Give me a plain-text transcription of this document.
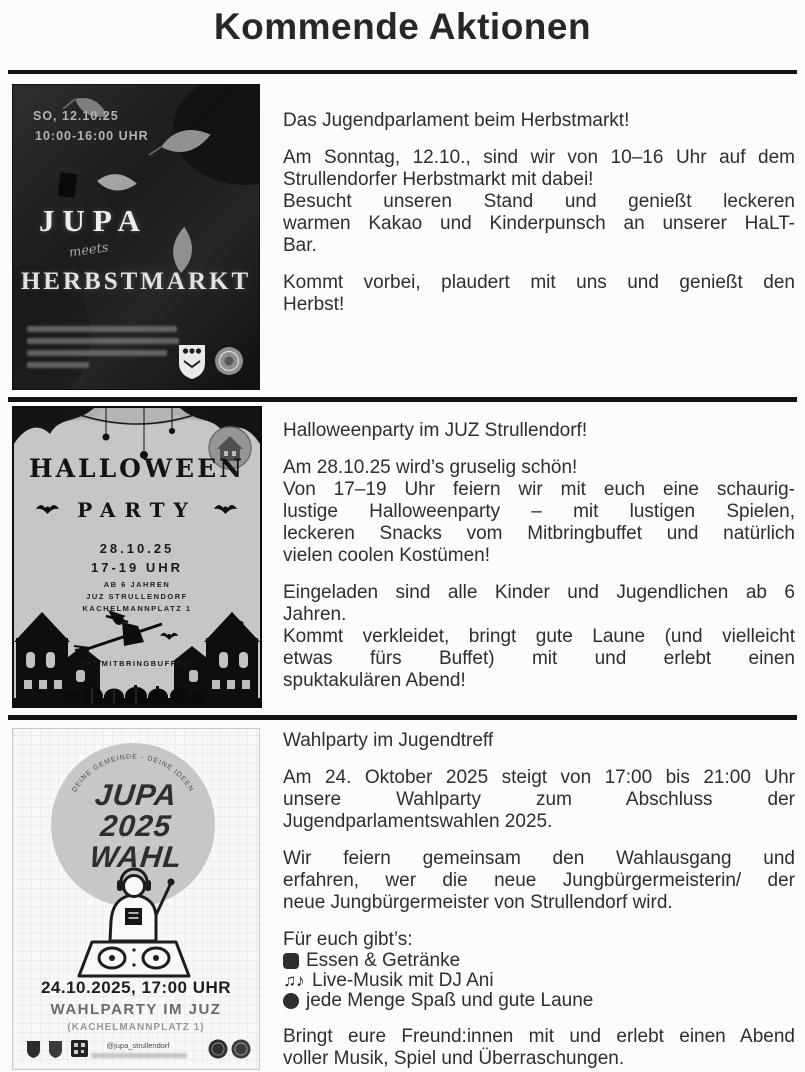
Kommende Aktionen
SO, 12.10.25
10:00-16:00 UHR
JUPA
meets
HERBSTMARKT
Das Jugendparlament beim Herbstmarkt!
Am Sonntag, 12.10., sind wir von 10–16 Uhr auf dem
Strullendorfer Herbstmarkt mit dabei!
Besucht unseren Stand und genießt leckeren
warmen Kakao und Kinderpunsch an unserer HaLT-
Bar.
Kommt vorbei, plaudert mit uns und genießt den
Herbst!
HALLOWEEN
PARTY
28.10.25
17-19 UHR
AB 6 JAHREN
JUZ STRULLENDORF
KACHELMANNPLATZ 1
MIT MITBRINGBUFFET!
Halloweenparty im JUZ Strullendorf!
Am 28.10.25 wird’s gruselig schön!
Von 17–19 Uhr feiern wir mit euch eine schaurig-
lustige Halloweenparty – mit lustigen Spielen,
leckeren Snacks vom Mitbringbuffet und natürlich
vielen coolen Kostümen!
Eingeladen sind alle Kinder und Jugendlichen ab 6
Jahren.
Kommt verkleidet, bringt gute Laune (und vielleicht
etwas fürs Buffet) mit und erlebt einen
spuktakulären Abend!
DEINE GEMEINDE - DEINE IDEEN
JUPA
2025
WAHL
24.10.2025, 17:00 UHR
WAHLPARTY IM JUZ
(KACHELMANNPLATZ 1)
@jupa_strullendorf
Wahlparty im Jugendtreff
Am 24. Oktober 2025 steigt von 17:00 bis 21:00 Uhr
unsere Wahlparty zum Abschluss der
Jugendparlamentswahlen 2025.
Wir feiern gemeinsam den Wahlausgang und
erfahren, wer die neue Jungbürgermeisterin/ der
neue Jungbürgermeister von Strullendorf wird.
Für euch gibt’s:
Essen & Getränke
♫♪ Live-Musik mit DJ Ani
jede Menge Spaß und gute Laune
Bringt eure Freund:innen mit und erlebt einen Abend
voller Musik, Spiel und Überraschungen.
